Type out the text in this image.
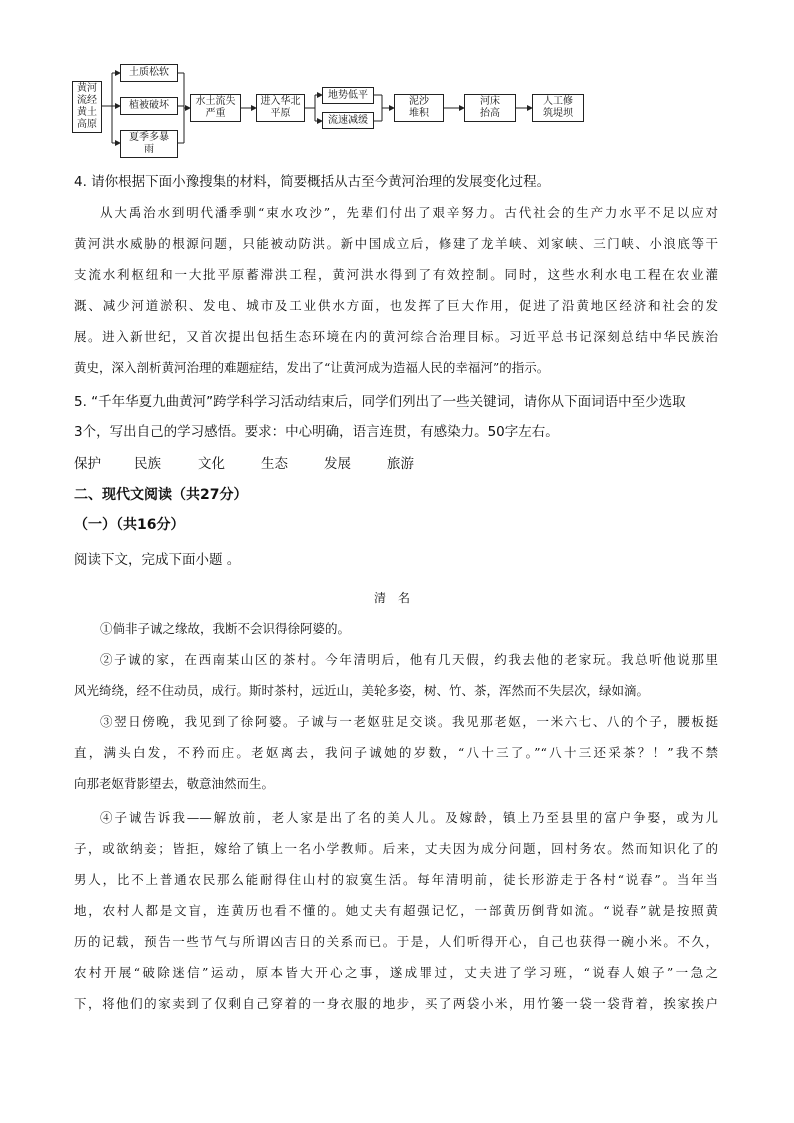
黄河流经黄土高原
土质松软
植被破坏
夏季多暴雨
水土流失严重
进入华北平原
地势低平
流速减缓
泥沙堆积
河床抬高
人工修筑堤坝
4. 请你根据下面小豫搜集的材料，简要概括从古至今黄河治理的发展变化过程。
从大禹治水到明代潘季驯“束水攻沙”，先辈们付出了艰辛努力。古代社会的生产力水平不足以应对
黄河洪水威胁的根源问题，只能被动防洪。新中国成立后，修建了龙羊峡、刘家峡、三门峡、小浪底等干
支流水利枢纽和一大批平原蓄滞洪工程，黄河洪水得到了有效控制。同时，这些水利水电工程在农业灌
溉、减少河道淤积、发电、城市及工业供水方面，也发挥了巨大作用，促进了沿黄地区经济和社会的发
展。进入新世纪，又首次提出包括生态环境在内的黄河综合治理目标。习近平总书记深刻总结中华民族治
黄史，深入剖析黄河治理的难题症结，发出了“让黄河成为造福人民的幸福河”的指示。
5. “千年华夏九曲黄河”跨学科学习活动结束后，同学们列出了一些关键词，请你从下面词语中至少选取
3个，写出自己的学习感悟。要求：中心明确，语言连贯，有感染力。50字左右。
保护 民族	文化	生态	发展	旅游
二、现代文阅读（共27分）
（一）（共16分）
阅读下文，完成下面小题 。
清　名
①倘非子诚之缘故，我断不会识得徐阿婆的。
②子诚的家，在西南某山区的茶村。今年清明后，他有几天假，约我去他的老家玩。我总听他说那里
风光绮绕，经不住动员，成行。斯时茶村，远近山，美轮多姿，树、竹、茶，浑然而不失层次，绿如滴。
③翌日傍晚，我见到了徐阿婆。子诚与一老妪驻足交谈。我见那老妪，一米六七、八的个子，腰板挺
直，满头白发，不矜而庄。老妪离去，我问子诚她的岁数，“八十三了。”“八十三还采茶？！”我不禁
向那老妪背影望去，敬意油然而生。
④子诚告诉我——解放前，老人家是出了名的美人儿。及嫁龄，镇上乃至县里的富户争娶，或为儿
子，或欲纳妾；皆拒，嫁给了镇上一名小学教师。后来，丈夫因为成分问题，回村务农。然而知识化了的
男人，比不上普通农民那么能耐得住山村的寂寞生活。每年清明前，徒长形游走于各村“说春”。当年当
地，农村人都是文盲，连黄历也看不懂的。她丈夫有超强记忆，一部黄历倒背如流。“说春”就是按照黄
历的记载，预告一些节气与所谓凶吉日的关系而已。于是，人们听得开心，自己也获得一碗小米。不久，
农村开展“破除迷信”运动，原本皆大开心之事，遂成罪过，丈夫进了学习班，“说春人娘子”一急之
下，将他们的家卖到了仅剩自己穿着的一身衣服的地步，买了两袋小米，用竹篓一袋一袋背着，挨家挨户
